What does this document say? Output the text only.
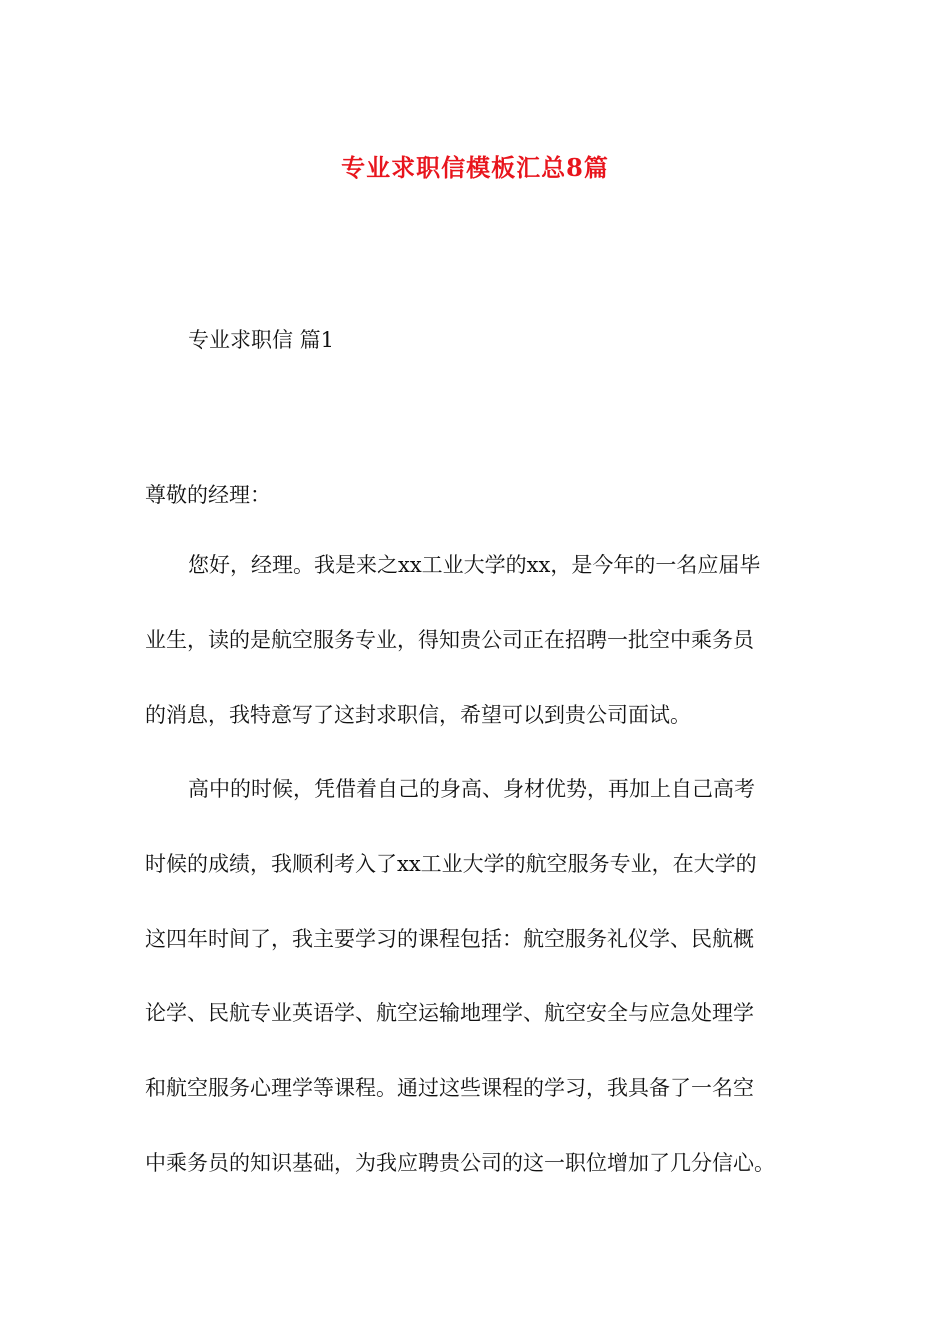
专业求职信模板汇总8篇

专业求职信 篇1

尊敬的经理：

您好，经理。我是来之xx工业大学的xx，是今年的一名应届毕

业生，读的是航空服务专业，得知贵公司正在招聘一批空中乘务员

的消息，我特意写了这封求职信，希望可以到贵公司面试。

高中的时候，凭借着自己的身高、身材优势，再加上自己高考

时候的成绩，我顺利考入了xx工业大学的航空服务专业，在大学的

这四年时间了，我主要学习的课程包括：航空服务礼仪学、民航概

论学、民航专业英语学、航空运输地理学、航空安全与应急处理学

和航空服务心理学等课程。通过这些课程的学习，我具备了一名空

中乘务员的知识基础，为我应聘贵公司的这一职位增加了几分信心。
